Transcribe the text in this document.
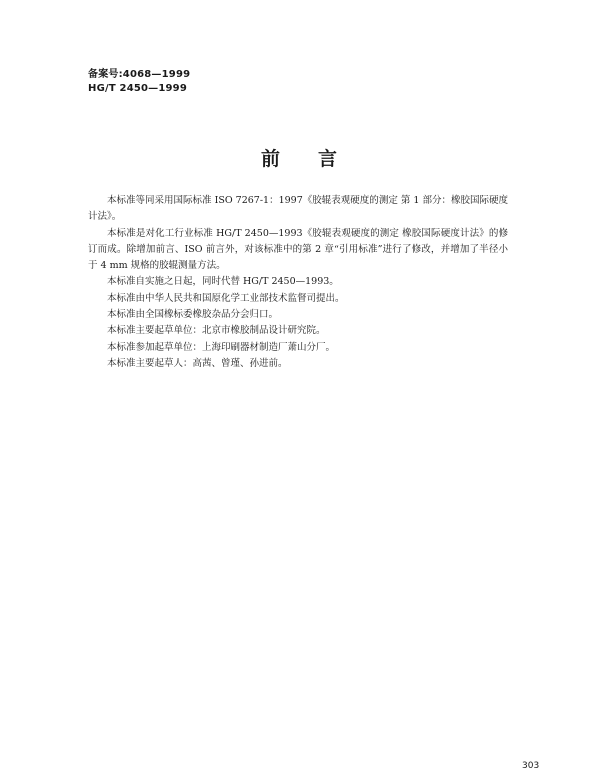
备案号:4068—1999
HG/T 2450—1999
前 言

本标准等同采用国际标准 ISO 7267-1：1997《胶辊表观硬度的测定 第 1 部分：橡胶国际硬度计法》。

本标准是对化工行业标准 HG/T 2450—1993《胶辊表观硬度的测定 橡胶国际硬度计法》的修订而成。除增加前言、ISO 前言外，对该标准中的第 2 章“引用标准”进行了修改，并增加了半径小于 4 mm 规格的胶辊测量方法。

本标准自实施之日起，同时代替 HG/T 2450—1993。

本标准由中华人民共和国原化学工业部技术监督司提出。

本标准由全国橡标委橡胶杂品分会归口。

本标准主要起草单位：北京市橡胶制品设计研究院。

本标准参加起草单位：上海印刷器材制造厂萧山分厂。

本标准主要起草人：高茜、曾瑾、孙进前。

303
